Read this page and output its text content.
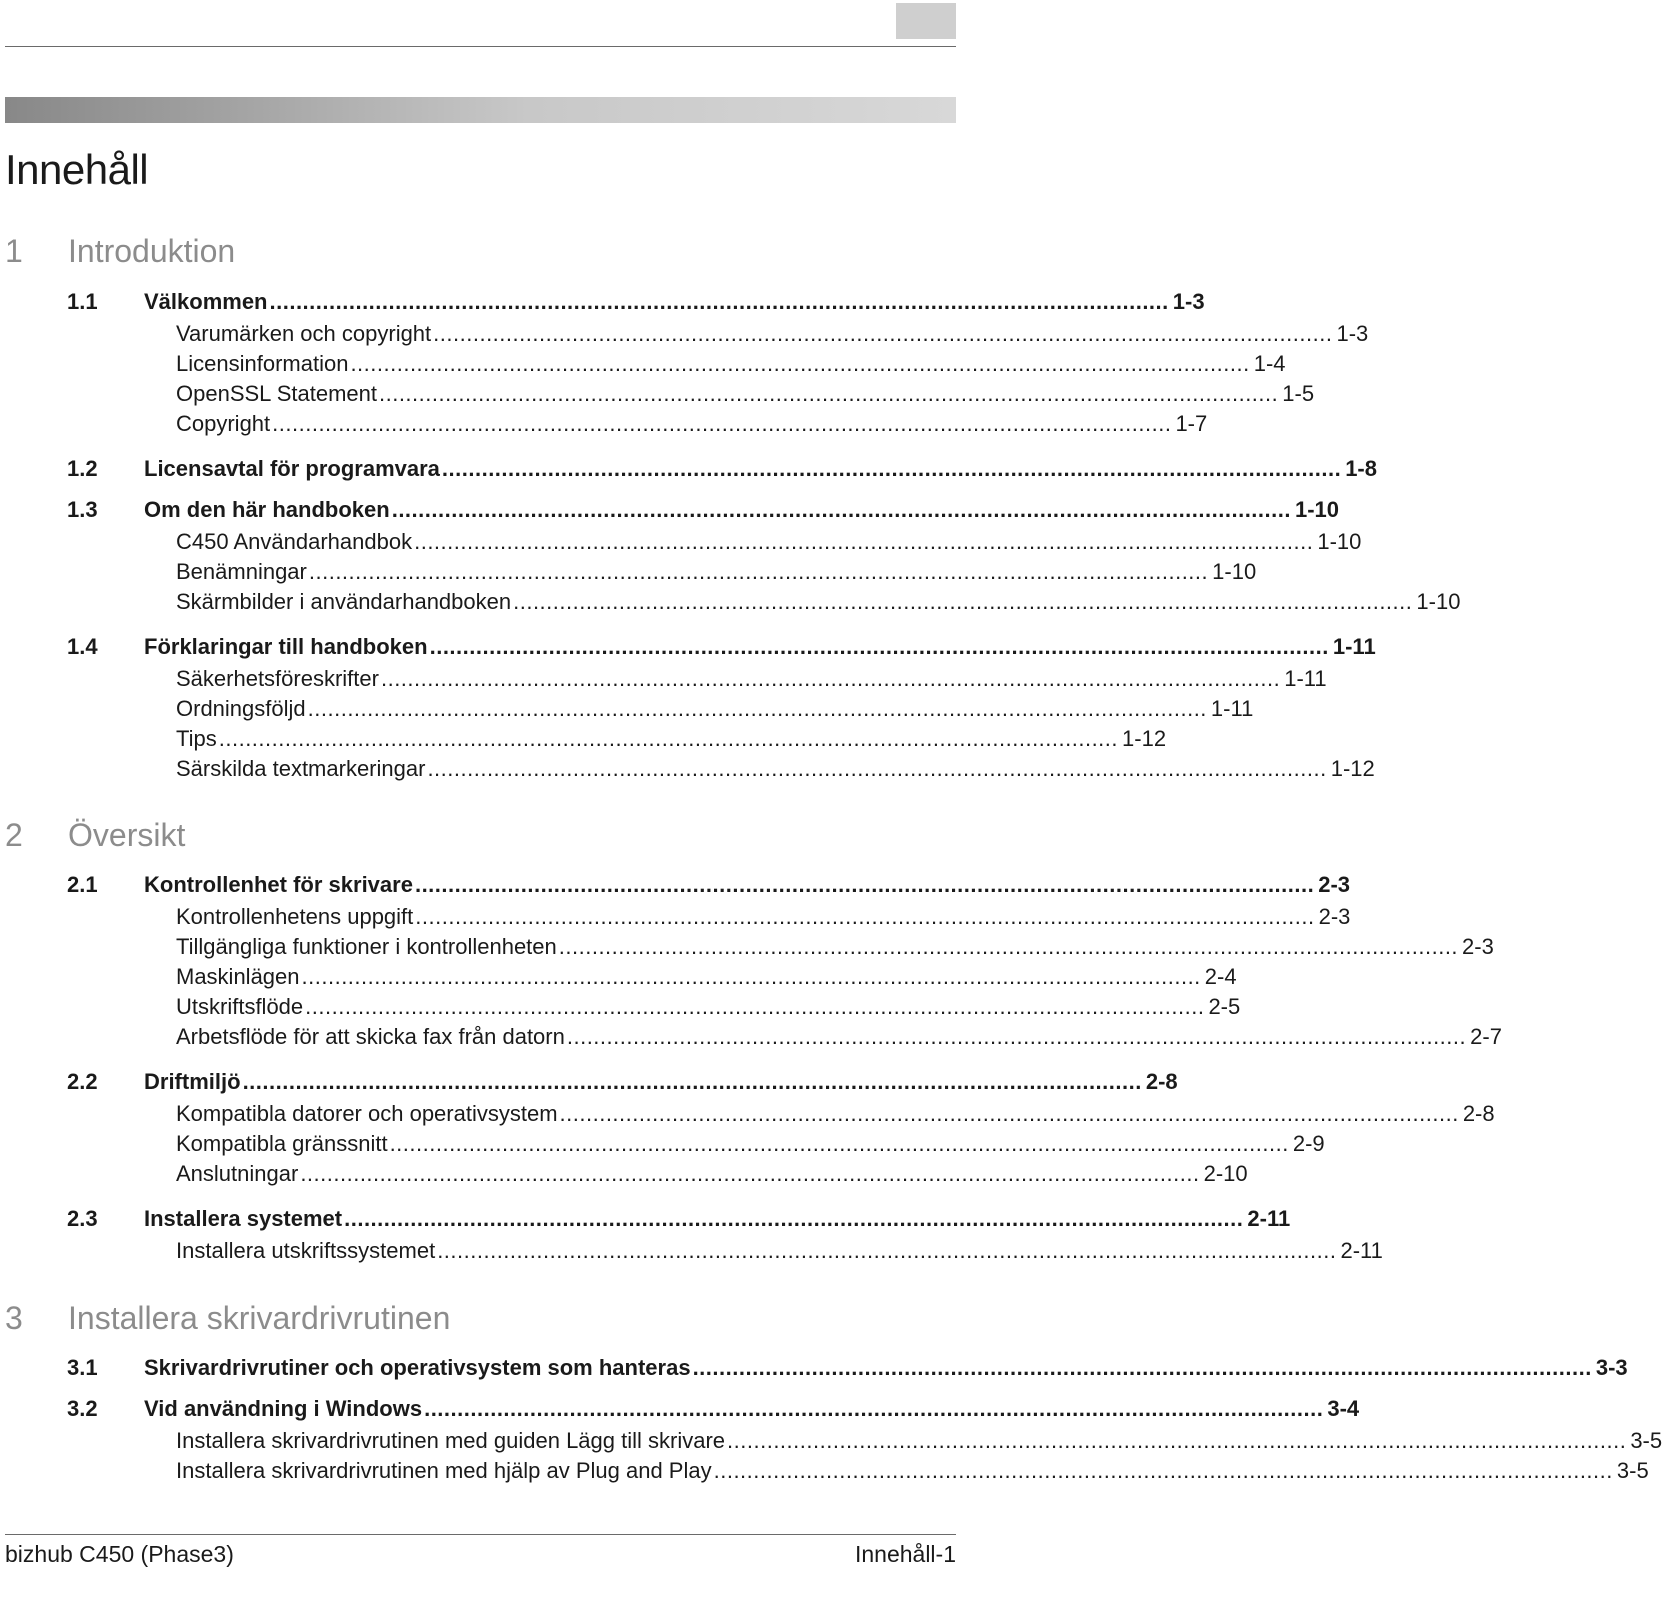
Innehåll
1	Introduktion
1.1	Välkommen ........................................................................................................................................ 1-3
Varumärken och copyright ........................................................................................................................................ 1-3
Licensinformation ........................................................................................................................................ 1-4
OpenSSL Statement ........................................................................................................................................ 1-5
Copyright ........................................................................................................................................ 1-7
1.2	Licensavtal för programvara ........................................................................................................................................ 1-8
1.3	Om den här handboken ........................................................................................................................................ 1-10
C450 Användarhandbok ........................................................................................................................................ 1-10
Benämningar ........................................................................................................................................ 1-10
Skärmbilder i användarhandboken ........................................................................................................................................ 1-10
1.4	Förklaringar till handboken ........................................................................................................................................ 1-11
Säkerhetsföreskrifter ........................................................................................................................................ 1-11
Ordningsföljd ........................................................................................................................................ 1-11
Tips ........................................................................................................................................ 1-12
Särskilda textmarkeringar ........................................................................................................................................ 1-12
2	Översikt
2.1	Kontrollenhet för skrivare ........................................................................................................................................ 2-3
Kontrollenhetens uppgift ........................................................................................................................................ 2-3
Tillgängliga funktioner i kontrollenheten ........................................................................................................................................ 2-3
Maskinlägen ........................................................................................................................................ 2-4
Utskriftsflöde ........................................................................................................................................ 2-5
Arbetsflöde för att skicka fax från datorn ........................................................................................................................................ 2-7
2.2	Driftmiljö ........................................................................................................................................ 2-8
Kompatibla datorer och operativsystem ........................................................................................................................................ 2-8
Kompatibla gränssnitt ........................................................................................................................................ 2-9
Anslutningar ........................................................................................................................................ 2-10
2.3	Installera systemet ........................................................................................................................................ 2-11
Installera utskriftssystemet ........................................................................................................................................ 2-11
3	Installera skrivardrivrutinen
3.1	Skrivardrivrutiner och operativsystem som hanteras ........................................................................................................................................ 3-3
3.2	Vid användning i Windows ........................................................................................................................................ 3-4
Installera skrivardrivrutinen med guiden Lägg till skrivare ........................................................................................................................................ 3-5
Installera skrivardrivrutinen med hjälp av Plug and Play ........................................................................................................................................ 3-5
bizhub C450 (Phase3)	Innehåll-1
